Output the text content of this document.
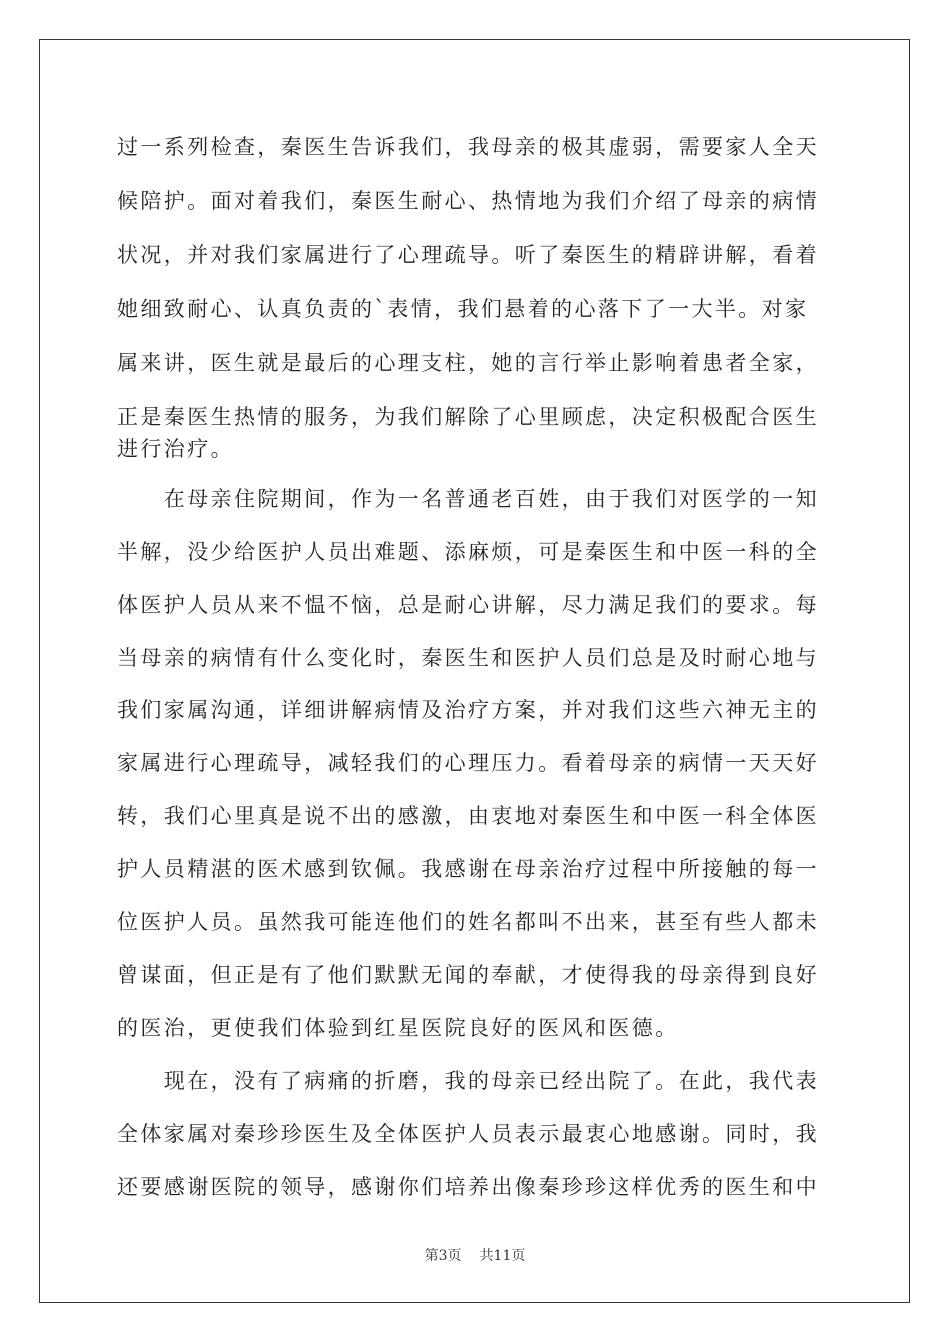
过一系列检查，秦医生告诉我们，我母亲的极其虚弱，需要家人全天
候陪护。面对着我们，秦医生耐心、热情地为我们介绍了母亲的病情
状况，并对我们家属进行了心理疏导。听了秦医生的精辟讲解，看着
她细致耐心、认真负责的`表情，我们悬着的心落下了一大半。对家
属来讲，医生就是最后的心理支柱，她的言行举止影响着患者全家，
正是秦医生热情的服务，为我们解除了心里顾虑，决定积极配合医生
进行治疗。
　　在母亲住院期间，作为一名普通老百姓，由于我们对医学的一知
半解，没少给医护人员出难题、添麻烦，可是秦医生和中医一科的全
体医护人员从来不愠不恼，总是耐心讲解，尽力满足我们的要求。每
当母亲的病情有什么变化时，秦医生和医护人员们总是及时耐心地与
我们家属沟通，详细讲解病情及治疗方案，并对我们这些六神无主的
家属进行心理疏导，减轻我们的心理压力。看着母亲的病情一天天好
转，我们心里真是说不出的感激，由衷地对秦医生和中医一科全体医
护人员精湛的医术感到钦佩。我感谢在母亲治疗过程中所接触的每一
位医护人员。虽然我可能连他们的姓名都叫不出来，甚至有些人都未
曾谋面，但正是有了他们默默无闻的奉献，才使得我的母亲得到良好
的医治，更使我们体验到红星医院良好的医风和医德。
　　现在，没有了病痛的折磨，我的母亲已经出院了。在此，我代表
全体家属对秦珍珍医生及全体医护人员表示最衷心地感谢。同时，我
还要感谢医院的领导，感谢你们培养出像秦珍珍这样优秀的医生和中
第3页 共11页
